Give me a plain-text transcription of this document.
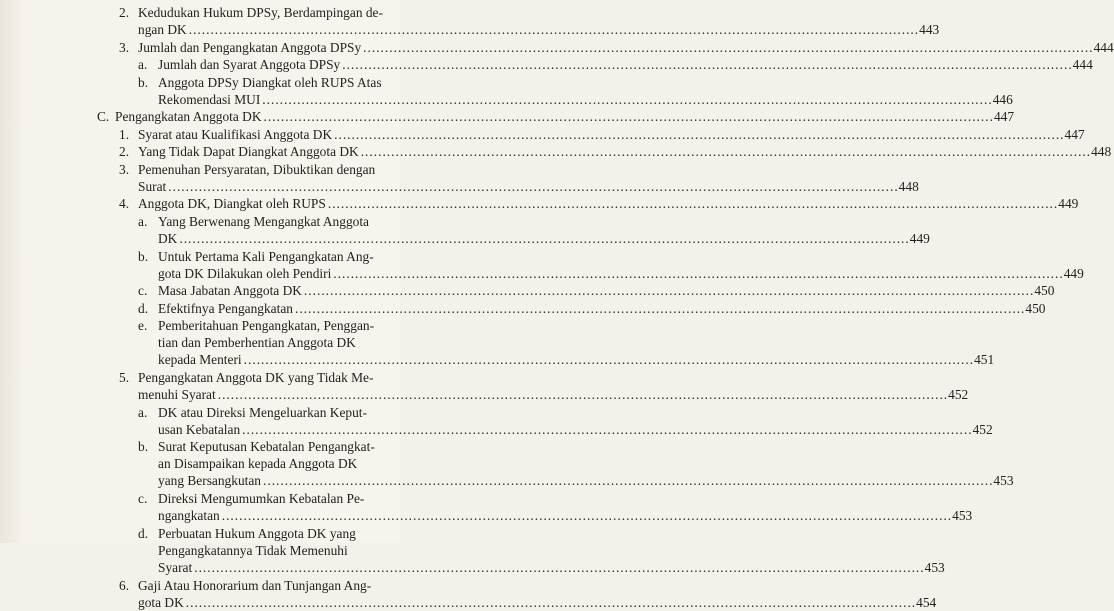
2. Kedudukan Hukum DPSy, Berdampingan de-
ngan DK .....	443
3. Jumlah dan Pengangkatan Anggota DPSy .....	444
a. Jumlah dan Syarat Anggota DPSy .....	444
b. Anggota DPSy Diangkat oleh RUPS Atas
Rekomendasi MUI .....	446
C. Pengangkatan Anggota DK .....	447
1. Syarat atau Kualifikasi Anggota DK .....	447
2. Yang Tidak Dapat Diangkat Anggota DK .....	448
3. Pemenuhan Persyaratan, Dibuktikan dengan
Surat .....	448
4. Anggota DK, Diangkat oleh RUPS .....	449
a. Yang Berwenang Mengangkat Anggota
DK .....	449
b. Untuk Pertama Kali Pengangkatan Ang-
gota DK Dilakukan oleh Pendiri .....	449
c. Masa Jabatan Anggota DK .....	450
d. Efektifnya Pengangkatan .....	450
e. Pemberitahuan Pengangkatan, Penggan-
tian dan Pemberhentian Anggota DK
kepada Menteri .....	451
5. Pengangkatan Anggota DK yang Tidak Me-
menuhi Syarat .....	452
a. DK atau Direksi Mengeluarkan Keput-
usan Kebatalan .....	452
b. Surat Keputusan Kebatalan Pengangkat-
an Disampaikan kepada Anggota DK
yang Bersangkutan .....	453
c. Direksi Mengumumkan Kebatalan Pe-
ngangkatan .....	453
d. Perbuatan Hukum Anggota DK yang
Pengangkatannya Tidak Memenuhi
Syarat .....	453
6. Gaji Atau Honorarium dan Tunjangan Ang-
gota DK .....	454
